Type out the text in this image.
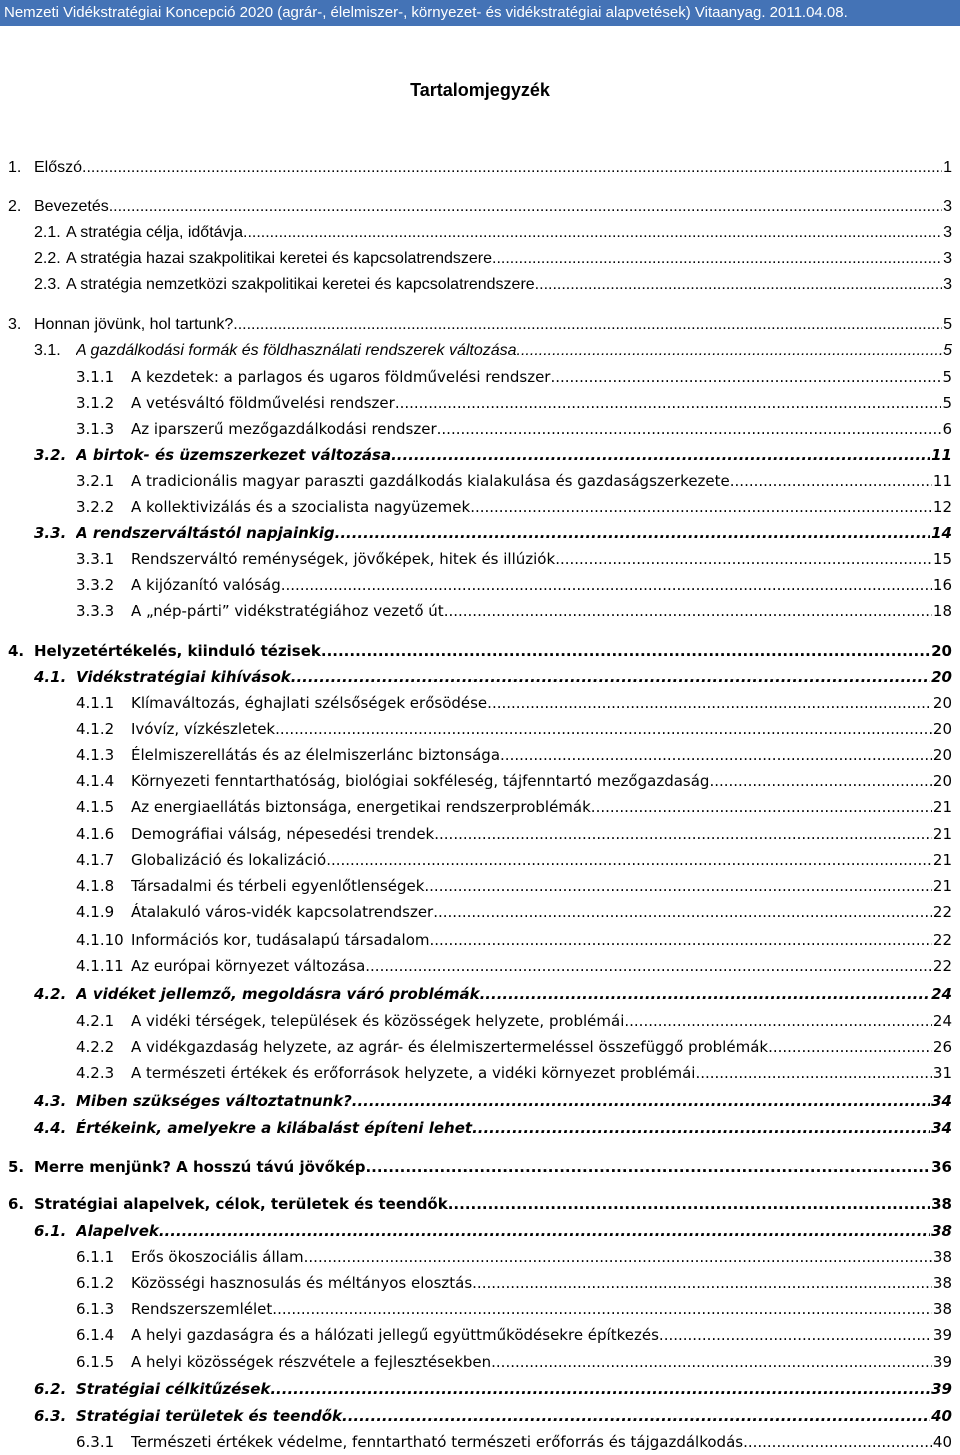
Nemzeti Vidékstratégiai Koncepció 2020 (agrár-, élelmiszer-, környezet- és vidékstratégiai alapvetések) Vitaanyag. 2011.04.08.
Tartalomjegyzék
1. Előszó .....	1
2. Bevezetés .....	3
2.1. A stratégia célja, időtávja .....	3
2.2. A stratégia hazai szakpolitikai keretei és kapcsolatrendszere .....	3
2.3. A stratégia nemzetközi szakpolitikai keretei és kapcsolatrendszere .....	3
3. Honnan jövünk, hol tartunk? .....	5
3.1. A gazdálkodási formák és földhasználati rendszerek változása .....	5
3.1.1 A kezdetek: a parlagos és ugaros földművelési rendszer .....	5
3.1.2 A vetésváltó földművelési rendszer .....	5
3.1.3 Az iparszerű mezőgazdálkodási rendszer .....	6
3.2. A birtok- és üzemszerkezet változása .....	11
3.2.1 A tradicionális magyar paraszti gazdálkodás kialakulása és gazdaságszerkezete .....	11
3.2.2 A kollektivizálás és a szocialista nagyüzemek .....	12
3.3. A rendszerváltástól napjainkig .....	14
3.3.1 Rendszerváltó reménységek, jövőképek, hitek és illúziók .....	15
3.3.2 A kijózanító valóság .....	16
3.3.3 A „nép-párti” vidékstratégiához vezető út .....	18
4. Helyzetértékelés, kiinduló tézisek .....	20
4.1. Vidékstratégiai kihívások .....	20
4.1.1 Klímaváltozás, éghajlati szélsőségek erősödése .....	20
4.1.2 Ivóvíz, vízkészletek .....	20
4.1.3 Élelmiszerellátás és az élelmiszerlánc biztonsága .....	20
4.1.4 Környezeti fenntarthatóság, biológiai sokféleség, tájfenntartó mezőgazdaság .....	20
4.1.5 Az energiaellátás biztonsága, energetikai rendszerproblémák .....	21
4.1.6 Demográfiai válság, népesedési trendek .....	21
4.1.7 Globalizáció és lokalizáció .....	21
4.1.8 Társadalmi és térbeli egyenlőtlenségek .....	21
4.1.9 Átalakuló város-vidék kapcsolatrendszer .....	22
4.1.10 Információs kor, tudásalapú társadalom .....	22
4.1.11 Az európai környezet változása .....	22
4.2. A vidéket jellemző, megoldásra váró problémák .....	24
4.2.1 A vidéki térségek, települések és közösségek helyzete, problémái .....	24
4.2.2 A vidékgazdaság helyzete, az agrár- és élelmiszertermeléssel összefüggő problémák .....	26
4.2.3 A természeti értékek és erőforrások helyzete, a vidéki környezet problémái .....	31
4.3. Miben szükséges változtatnunk? .....	34
4.4. Értékeink, amelyekre a kilábalást építeni lehet .....	34
5. Merre menjünk? A hosszú távú jövőkép. .....	36
6. Stratégiai alapelvek, célok, területek és teendők .....	38
6.1. Alapelvek .....	38
6.1.1 Erős ökoszociális állam .....	38
6.1.2 Közösségi hasznosulás és méltányos elosztás .....	38
6.1.3 Rendszerszemlélet .....	38
6.1.4 A helyi gazdaságra és a hálózati jellegű együttműködésekre építkezés .....	39
6.1.5 A helyi közösségek részvétele a fejlesztésekben .....	39
6.2. Stratégiai célkitűzések .....	39
6.3. Stratégiai területek és teendők .....	40
6.3.1 Természeti értékek védelme, fenntartható természeti erőforrás és tájgazdálkodás .....	40
